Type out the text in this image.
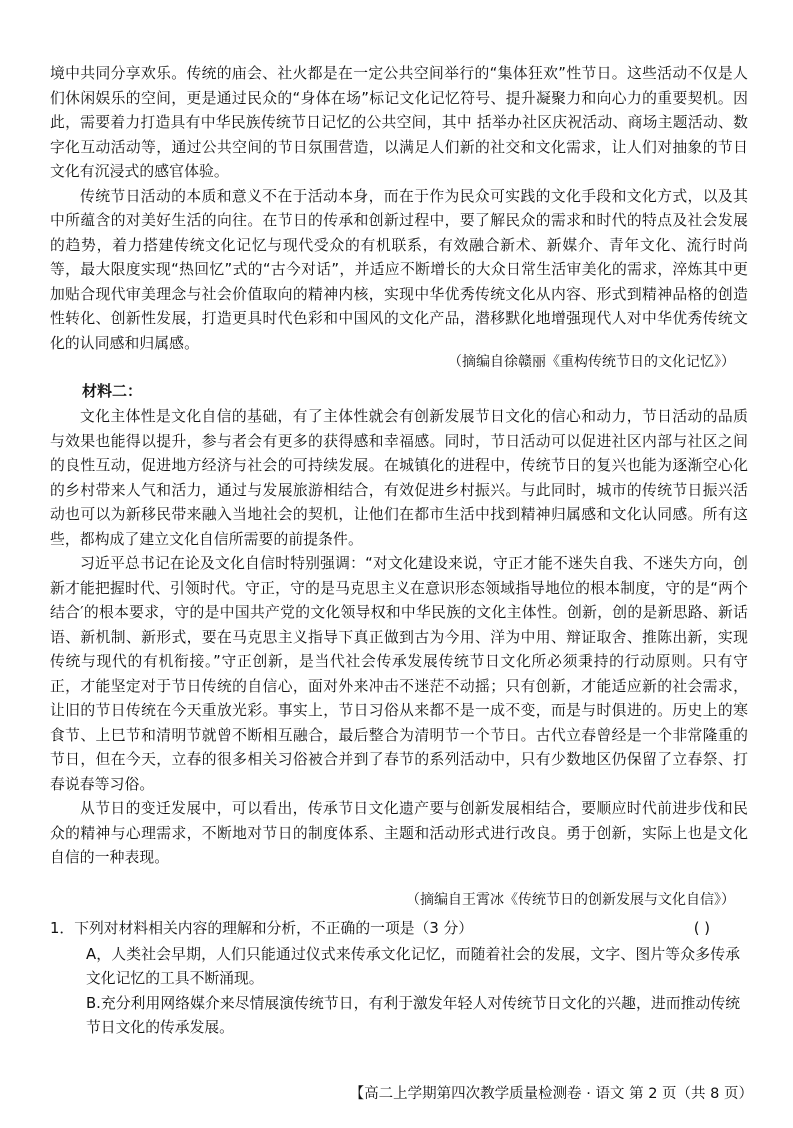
境中共同分享欢乐。传统的庙会、社火都是在一定公共空间举行的“集体狂欢”性节日。这些活动不仅是人们休闲娱乐的空间，更是通过民众的“身体在场”标记文化记忆符号、提升凝聚力和向心力的重要契机。因此，需要着力打造具有中华民族传统节日记忆的公共空间，其中 括举办社区庆祝活动、商场主题活动、数字化互动活动等，通过公共空间的节日氛围营造，以满足人们新的社交和文化需求，让人们对抽象的节日文化有沉浸式的感官体验。

传统节日活动的本质和意义不在于活动本身，而在于作为民众可实践的文化手段和文化方式，以及其中所蕴含的对美好生活的向往。在节日的传承和创新过程中，要了解民众的需求和时代的特点及社会发展的趋势，着力搭建传统文化记忆与现代受众的有机联系，有效融合新术、新媒介、青年文化、流行时尚等，最大限度实现“热回忆”式的“古今对话”，并适应不断增长的大众日常生活审美化的需求，淬炼其中更加贴合现代审美理念与社会价值取向的精神内核，实现中华优秀传统文化从内容、形式到精神品格的创造性转化、创新性发展，打造更具时代色彩和中国风的文化产品，潜移默化地增强现代人对中华优秀传统文化的认同感和归属感。

（摘编自徐赣丽《重构传统节日的文化记忆》）
材料二：

文化主体性是文化自信的基础，有了主体性就会有创新发展节日文化的信心和动力，节日活动的品质与效果也能得以提升，参与者会有更多的获得感和幸福感。同时，节日活动可以促进社区内部与社区之间的良性互动，促进地方经济与社会的可持续发展。在城镇化的进程中，传统节日的复兴也能为逐渐空心化的乡村带来人气和活力，通过与发展旅游相结合，有效促进乡村振兴。与此同时，城市的传统节日振兴活动也可以为新移民带来融入当地社会的契机，让他们在都市生活中找到精神归属感和文化认同感。所有这些，都构成了建立文化自信所需要的前提条件。

习近平总书记在论及文化自信时特别强调：“对文化建设来说，守正才能不迷失自我、不迷失方向，创新才能把握时代、引领时代。守正，守的是马克思主义在意识形态领域指导地位的根本制度，守的是“两个结合′的根本要求，守的是中国共产党的文化领导权和中华民族的文化主体性。创新，创的是新思路、新话语、新机制、新形式，要在马克思主义指导下真正做到古为今用、洋为中用、辩证取舍、推陈出新，实现传统与现代的有机衔接。”守正创新，是当代社会传承发展传统节日文化所必须秉持的行动原则。只有守正，才能坚定对于节日传统的自信心，面对外来冲击不迷茫不动摇；只有创新，才能适应新的社会需求，让旧的节日传统在今天重放光彩。事实上，节日习俗从来都不是一成不变，而是与时俱进的。历史上的寒食节、上巳节和清明节就曾不断相互融合，最后整合为清明节一个节日。古代立春曾经是一个非常隆重的节日，但在今天，立春的很多相关习俗被合并到了春节的系列活动中，只有少数地区仍保留了立春祭、打春说春等习俗。

从节日的变迁发展中，可以看出，传承节日文化遗产要与创新发展相结合，要顺应时代前进步伐和民众的精神与心理需求，不断地对节日的制度体系、主题和活动形式进行改良。勇于创新，实际上也是文化自信的一种表现。

（摘编自王霄冰《传统节日的创新发展与文化自信》）
1．下列对材料相关内容的理解和分析，不正确的一项是（3 分）	( )

A，人类社会早期，人们只能通过仪式来传承文化记忆，而随着社会的发展，文字、图片等众多传承文化记忆的工具不断涌现。

B.充分利用网络媒介来尽情展演传统节日，有利于激发年轻人对传统节日文化的兴趣，进而推动传统节日文化的传承发展。

【高二上学期第四次教学质量检测卷 · 语文 第 2 页（共 8 页）
